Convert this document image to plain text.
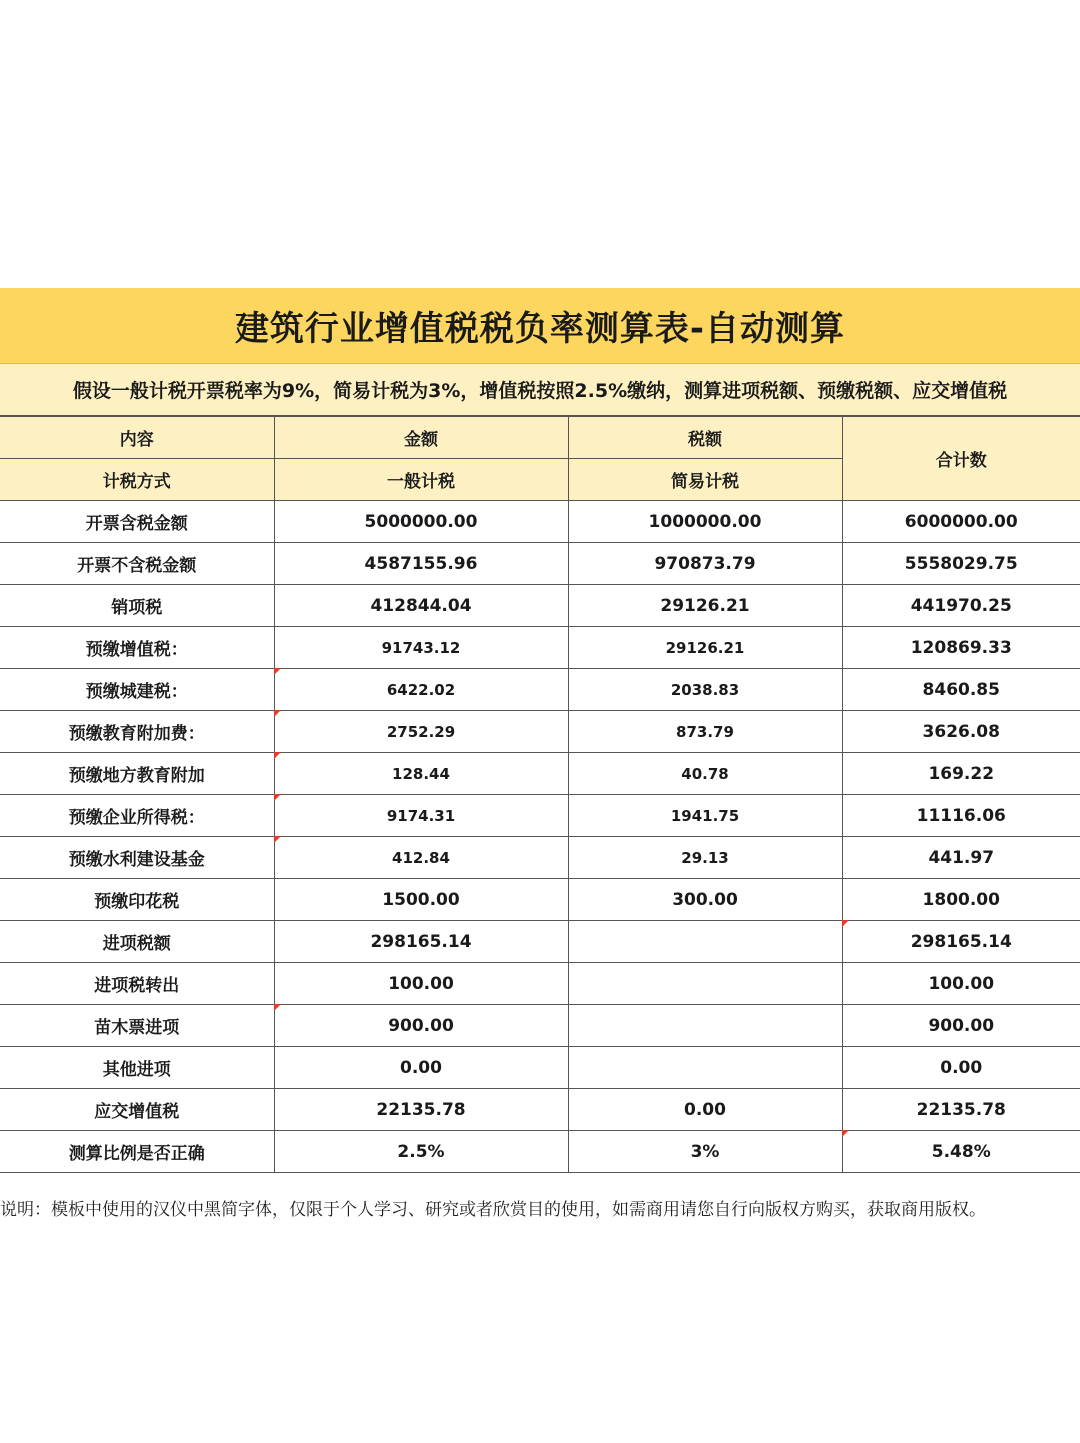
建筑行业增值税税负率测算表-自动测算
假设一般计税开票税率为9%，简易计税为3%，增值税按照2.5%缴纳，测算进项税额、预缴税额、应交增值税
内容	金额	税额	合计数
计税方式	一般计税	简易计税	
开票含税金额	5000000.00	1000000.00	6000000.00
开票不含税金额	4587155.96	970873.79	5558029.75
销项税	412844.04	29126.21	441970.25
预缴增值税：	91743.12	29126.21	120869.33
预缴城建税：	6422.02	2038.83	8460.85
预缴教育附加费：	2752.29	873.79	3626.08
预缴地方教育附加	128.44	40.78	169.22
预缴企业所得税：	9174.31	1941.75	11116.06
预缴水利建设基金	412.84	29.13	441.97
预缴印花税	1500.00	300.00	1800.00
进项税额	298165.14		298165.14
进项税转出	100.00		100.00
苗木票进项	900.00		900.00
其他进项	0.00		0.00
应交增值税	22135.78	0.00	22135.78
测算比例是否正确	2.5%	3%	5.48%
说明：模板中使用的汉仪中黑简字体，仅限于个人学习、研究或者欣赏目的使用，如需商用请您自行向版权方购买，获取商用版权。
